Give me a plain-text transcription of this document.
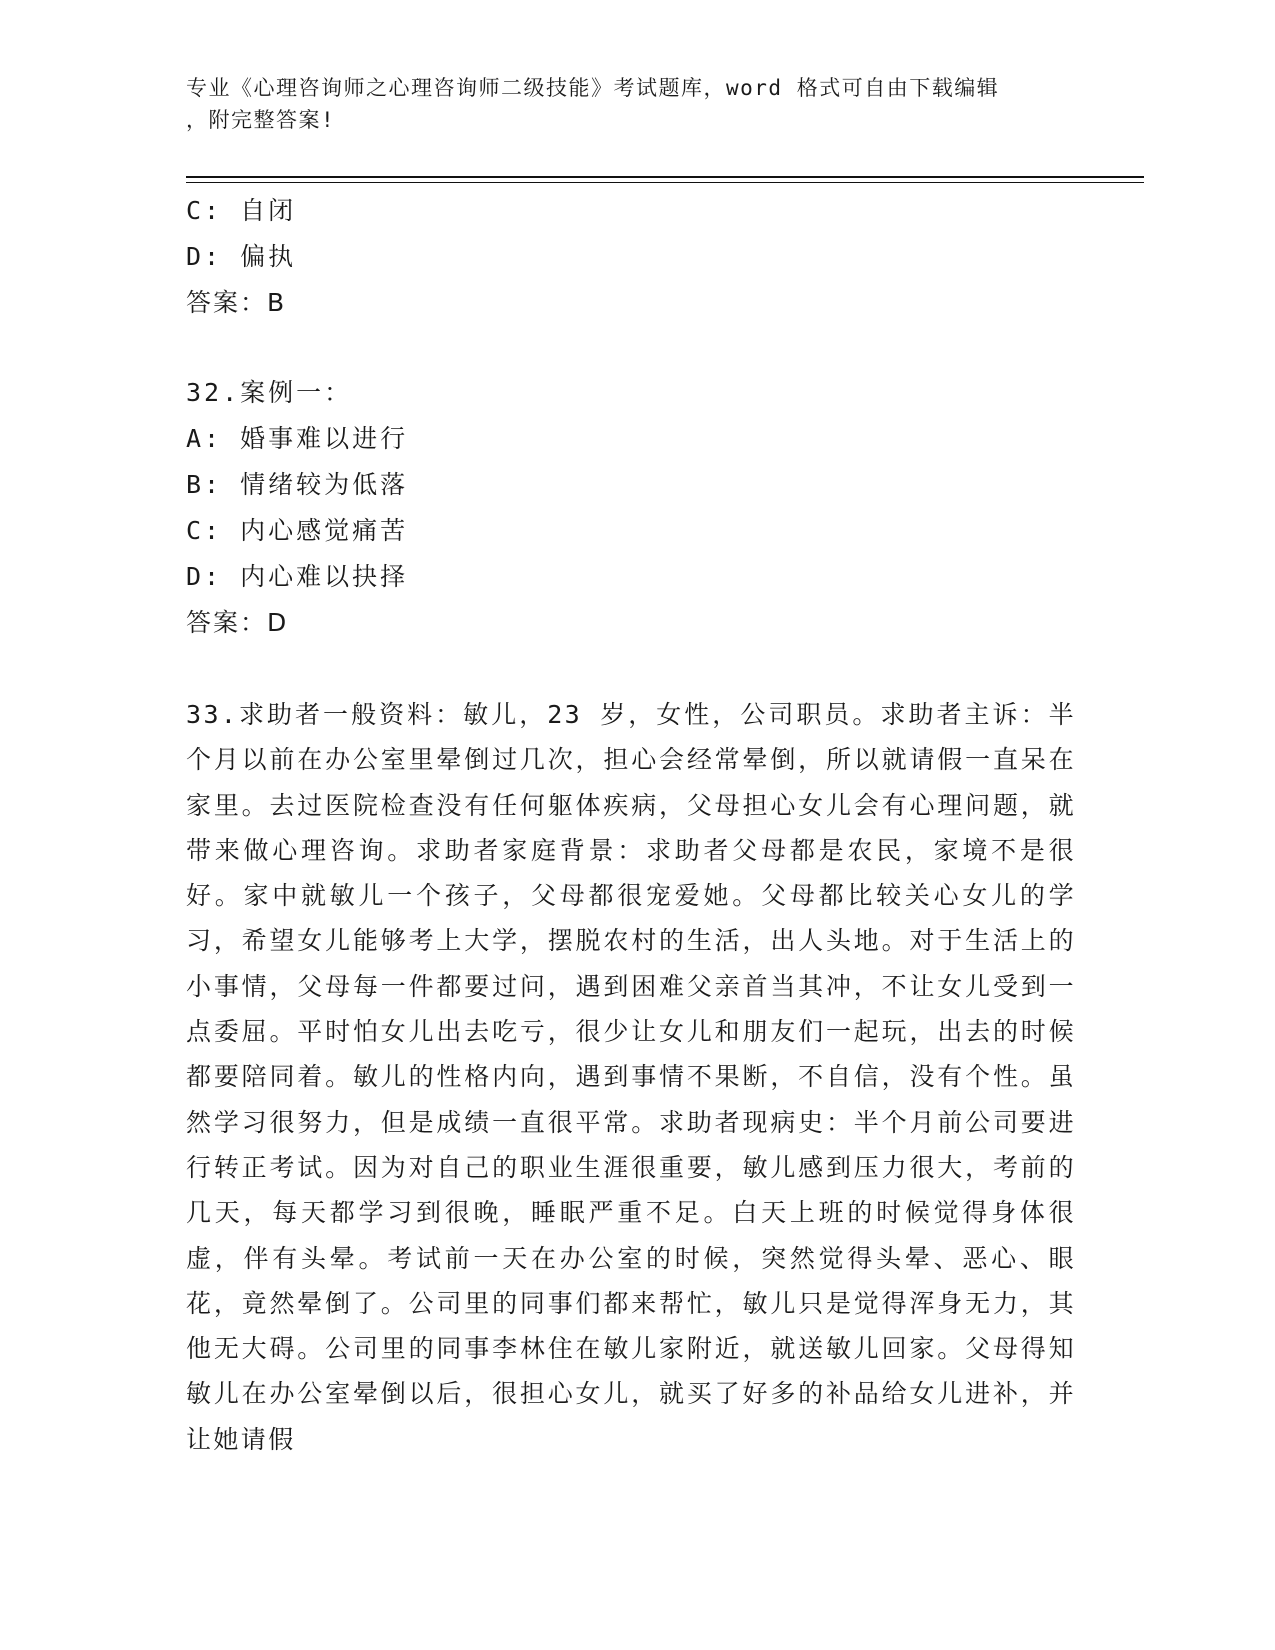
专业《心理咨询师之心理咨询师二级技能》考试题库，word 格式可自由下载编辑
，附完整答案!
C: 自闭
D: 偏执
答案：B
32.案例一：
A: 婚事难以进行
B: 情绪较为低落
C: 内心感觉痛苦
D: 内心难以抉择
答案：D
33.求助者一般资料：敏儿，23 岁，女性，公司职员。求助者主诉：半个月以前在办公室里晕倒过几次，担心会经常晕倒，所以就请假一直呆在家里。去过医院检查没有任何躯体疾病，父母担心女儿会有心理问题，就带来做心理咨询。求助者家庭背景：求助者父母都是农民，家境不是很好。家中就敏儿一个孩子，父母都很宠爱她。父母都比较关心女儿的学习，希望女儿能够考上大学，摆脱农村的生活，出人头地。对于生活上的小事情，父母每一件都要过问，遇到困难父亲首当其冲，不让女儿受到一点委屈。平时怕女儿出去吃亏，很少让女儿和朋友们一起玩，出去的时候都要陪同着。敏儿的性格内向，遇到事情不果断，不自信，没有个性。虽然学习很努力，但是成绩一直很平常。求助者现病史：半个月前公司要进行转正考试。因为对自己的职业生涯很重要，敏儿感到压力很大，考前的几天，每天都学习到很晚，睡眠严重不足。白天上班的时候觉得身体很虚，伴有头晕。考试前一天在办公室的时候，突然觉得头晕、恶心、眼花，竟然晕倒了。公司里的同事们都来帮忙，敏儿只是觉得浑身无力，其他无大碍。公司里的同事李林住在敏儿家附近，就送敏儿回家。父母得知敏儿在办公室晕倒以后，很担心女儿，就买了好多的补品给女儿进补，并让她请假
